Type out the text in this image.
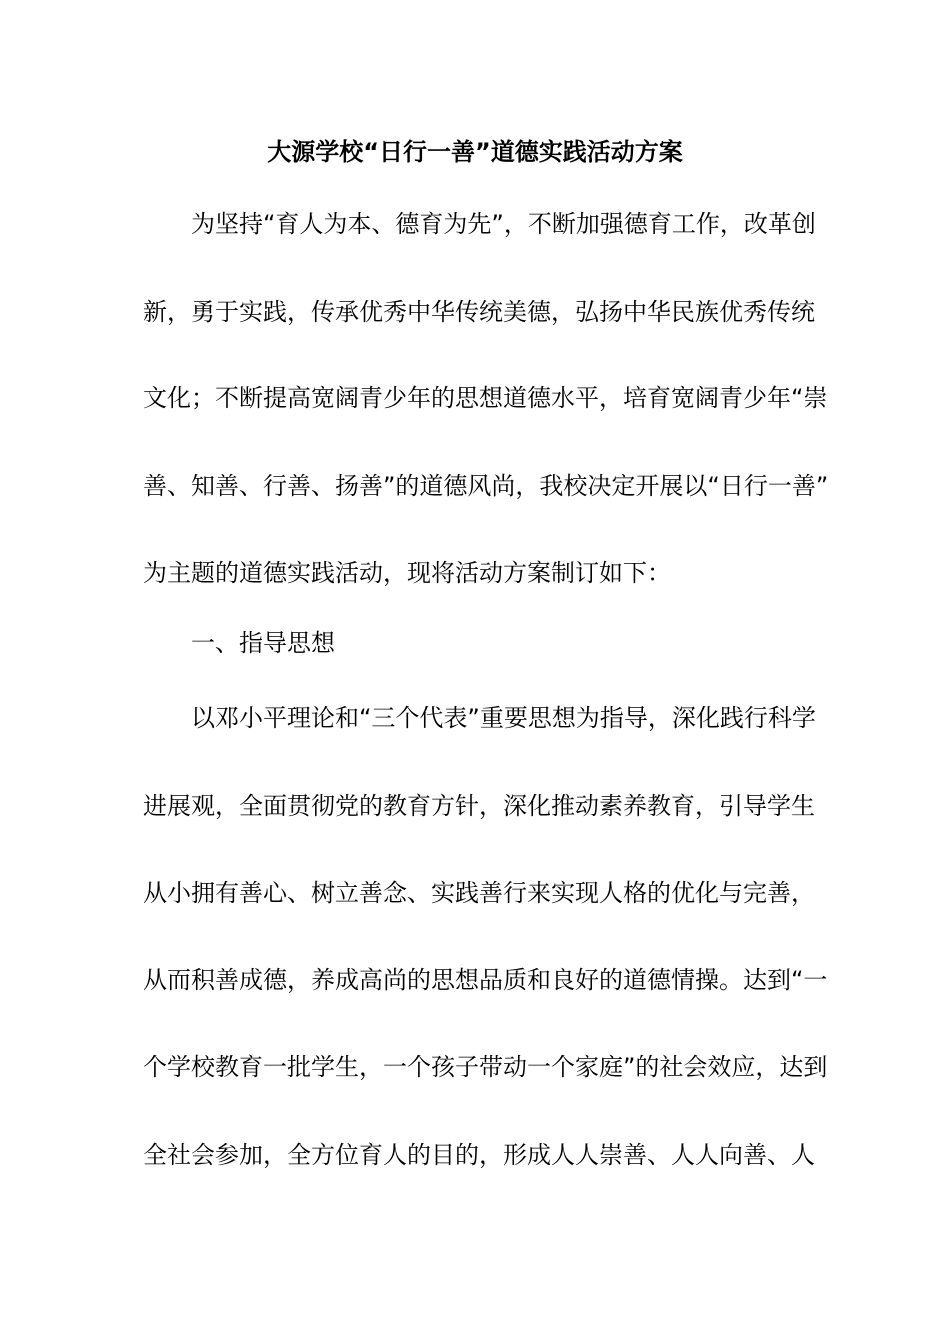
大源学校“日行一善”道德实践活动方案

为坚持“育人为本、德育为先”，不断加强德育工作，改革创

新，勇于实践，传承优秀中华传统美德，弘扬中华民族优秀传统

文化；不断提高宽阔青少年的思想道德水平，培育宽阔青少年“崇

善、知善、行善、扬善”的道德风尚，我校决定开展以“日行一善”

为主题的道德实践活动，现将活动方案制订如下：

一、指导思想

以邓小平理论和“三个代表”重要思想为指导，深化践行科学

进展观，全面贯彻党的教育方针，深化推动素养教育，引导学生

从小拥有善心、树立善念、实践善行来实现人格的优化与完善，

从而积善成德，养成高尚的思想品质和良好的道德情操。达到“一

个学校教育一批学生，一个孩子带动一个家庭”的社会效应，达到

全社会参加，全方位育人的目的，形成人人崇善、人人向善、人
